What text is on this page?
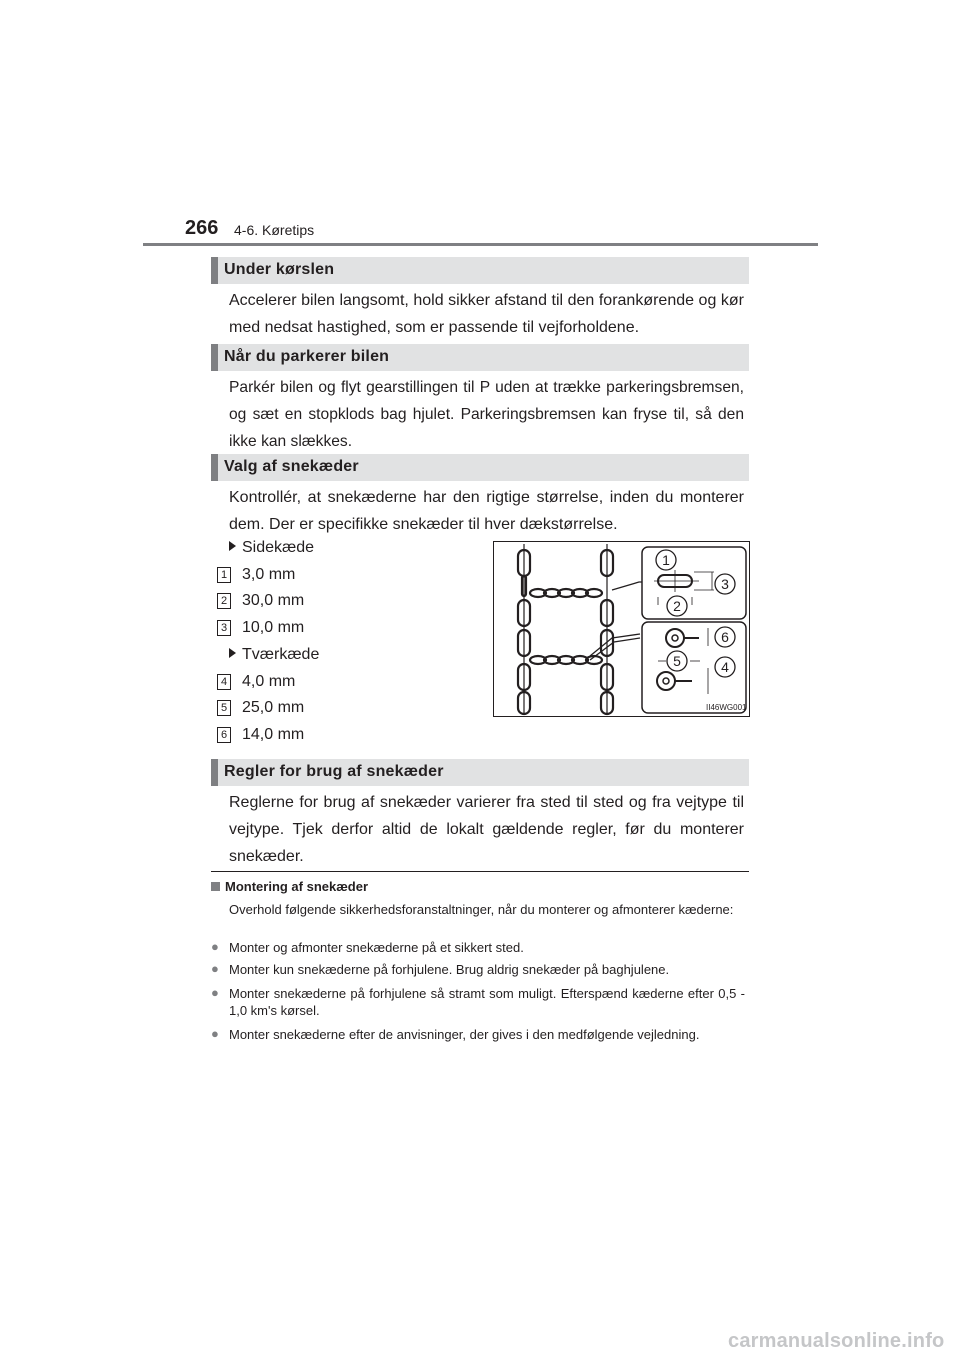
266 4-6. Køretips
Under kørslen
Accelerer bilen langsomt, hold sikker afstand til den forankørende og kør med nedsat hastighed, som er passende til vejforholdene.
Når du parkerer bilen
Parkér bilen og flyt gearstillingen til P uden at trække parkeringsbremsen, og sæt en stopklods bag hjulet. Parkeringsbremsen kan fryse til, så den ikke kan slækkes.
Valg af snekæder
Kontrollér, at snekæderne har den rigtige størrelse, inden du monterer dem. Der er specifikke snekæder til hver dækstørrelse.
Sidekæde
1 3,0 mm
2 30,0 mm
3 10,0 mm
Tværkæde
4 4,0 mm
5 25,0 mm
6 14,0 mm
1
2
3
4
5
6
II46WG001
Regler for brug af snekæder
Reglerne for brug af snekæder varierer fra sted til sted og fra vejtype til vejtype. Tjek derfor altid de lokalt gældende regler, før du monterer snekæder.
Montering af snekæder
Overhold følgende sikkerhedsforanstaltninger, når du monterer og afmonterer kæderne:
● Monter og afmonter snekæderne på et sikkert sted.
● Monter kun snekæderne på forhjulene. Brug aldrig snekæder på baghjulene.
● Monter snekæderne på forhjulene så stramt som muligt. Efterspænd kæderne efter 0,5 - 1,0 km's kørsel.
● Monter snekæderne efter de anvisninger, der gives i den medfølgende vejledning.
carmanualsonline.info
